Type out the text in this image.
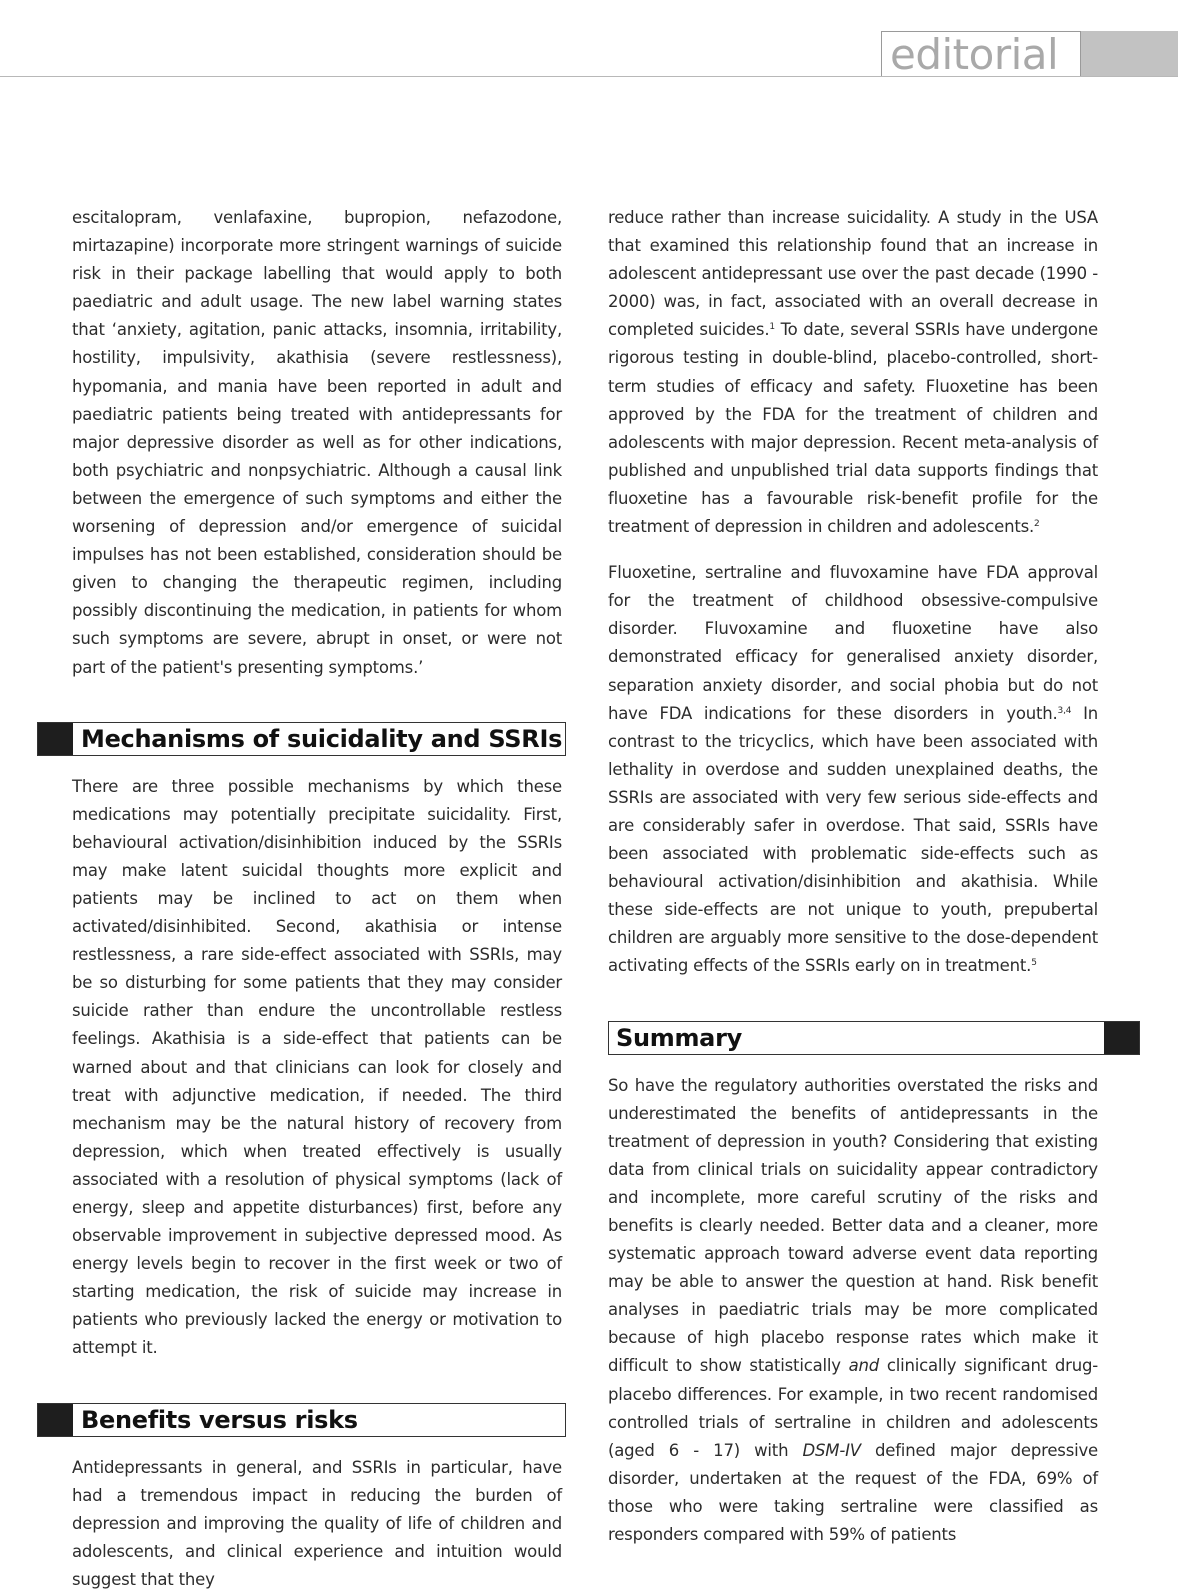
editorial

escitalopram, venlafaxine, bupropion, nefazodone, mirtazapine) incorporate more stringent warnings of suicide risk in their package labelling that would apply to both paediatric and adult usage. The new label warning states that ‘anxiety, agitation, panic attacks, insomnia, irritability, hostility, impulsivity, akathisia (severe restlessness), hypomania, and mania have been reported in adult and paediatric patients being treated with antidepressants for major depressive disorder as well as for other indications, both psychiatric and nonpsychiatric. Although a causal link between the emergence of such symptoms and either the worsening of depression and/or emergence of suicidal impulses has not been established, consideration should be given to changing the therapeutic regimen, including possibly discontinuing the medication, in patients for whom such symptoms are severe, abrupt in onset, or were not part of the patient's presenting symptoms.’

Mechanisms of suicidality and SSRIs

There are three possible mechanisms by which these medications may potentially precipitate suicidality. First, behavioural activation/disinhibition induced by the SSRIs may make latent suicidal thoughts more explicit and patients may be inclined to act on them when activated/disinhibited. Second, akathisia or intense restlessness, a rare side-effect associated with SSRIs, may be so disturbing for some patients that they may consider suicide rather than endure the uncontrollable restless feelings. Akathisia is a side-effect that patients can be warned about and that clinicians can look for closely and treat with adjunctive medication, if needed. The third mechanism may be the natural history of recovery from depression, which when treated effectively is usually associated with a resolution of physical symptoms (lack of energy, sleep and appetite disturbances) first, before any observable improvement in subjective depressed mood. As energy levels begin to recover in the first week or two of starting medication, the risk of suicide may increase in patients who previously lacked the energy or motivation to attempt it.

Benefits versus risks

Antidepressants in general, and SSRIs in particular, have had a tremendous impact in reducing the burden of depression and improving the quality of life of children and adolescents, and clinical experience and intuition would suggest that they

reduce rather than increase suicidality. A study in the USA that examined this relationship found that an increase in adolescent antidepressant use over the past decade (1990 - 2000) was, in fact, associated with an overall decrease in completed suicides.$^1$ To date, several SSRIs have undergone rigorous testing in double-blind, placebo-controlled, short-term studies of efficacy and safety. Fluoxetine has been approved by the FDA for the treatment of children and adolescents with major depression. Recent meta-analysis of published and unpublished trial data supports findings that fluoxetine has a favourable risk-benefit profile for the treatment of depression in children and adolescents.$^2$

Fluoxetine, sertraline and fluvoxamine have FDA approval for the treatment of childhood obsessive-compulsive disorder. Fluvoxamine and fluoxetine have also demonstrated efficacy for generalised anxiety disorder, separation anxiety disorder, and social phobia but do not have FDA indications for these disorders in youth.$^{3,4}$ In contrast to the tricyclics, which have been associated with lethality in overdose and sudden unexplained deaths, the SSRIs are associated with very few serious side-effects and are considerably safer in overdose. That said, SSRIs have been associated with problematic side-effects such as behavioural activation/disinhibition and akathisia. While these side-effects are not unique to youth, prepubertal children are arguably more sensitive to the dose-dependent activating effects of the SSRIs early on in treatment.$^5$

Summary

So have the regulatory authorities overstated the risks and underestimated the benefits of antidepressants in the treatment of depression in youth? Considering that existing data from clinical trials on suicidality appear contradictory and incomplete, more careful scrutiny of the risks and benefits is clearly needed. Better data and a cleaner, more systematic approach toward adverse event data reporting may be able to answer the question at hand. Risk benefit analyses in paediatric trials may be more complicated because of high placebo response rates which make it difficult to show statistically and clinically significant drug-placebo differences. For example, in two recent randomised controlled trials of sertraline in children and adolescents (aged 6 - 17) with DSM-IV defined major depressive disorder, undertaken at the request of the FDA, 69% of those who were taking sertraline were classified as responders compared with 59% of patients
